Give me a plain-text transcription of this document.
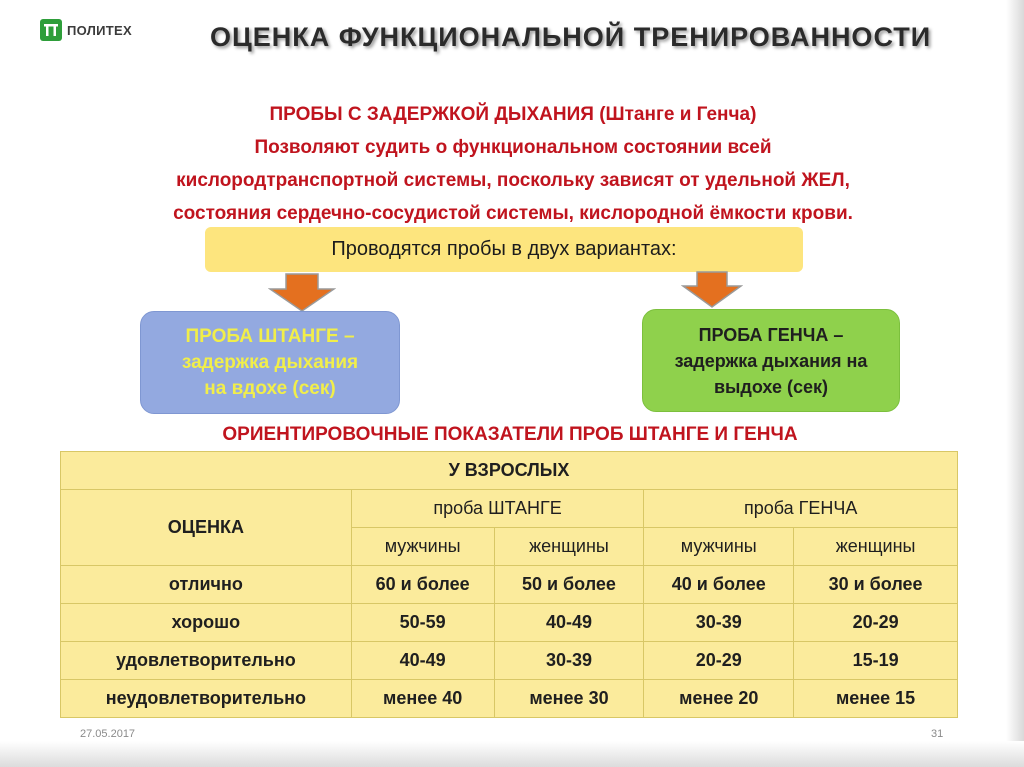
ПОЛИТЕХ	ОЦЕНКА ФУНКЦИОНАЛЬНОЙ ТРЕНИРОВАННОСТИ
ПРОБЫ С ЗАДЕРЖКОЙ ДЫХАНИЯ (Штанге и Генча)
Позволяют судить о функциональном состоянии всей
кислородтранспортной системы, поскольку зависят от удельной ЖЕЛ,
состояния сердечно-сосудистой системы, кислородной ёмкости крови.
Проводятся пробы в двух вариантах:
ПРОБА ШТАНГЕ –
задержка дыхания
на вдохе (сек)
ПРОБА ГЕНЧА –
задержка дыхания на
выдохе (сек)
ОРИЕНТИРОВОЧНЫЕ ПОКАЗАТЕЛИ ПРОБ ШТАНГЕ И ГЕНЧА
У ВЗРОСЛЫХ				
ОЦЕНКА	проба ШТАНГЕ		проба ГЕНЧА	
	мужчины	женщины	мужчины	женщины
отлично	60 и более	50 и более	40 и более	30 и более
хорошо	50-59	40-49	30-39	20-29
удовлетворительно	40-49	30-39	20-29	15-19
неудовлетворительно	менее 40	менее 30	менее 20	менее 15
27.05.2017	31
